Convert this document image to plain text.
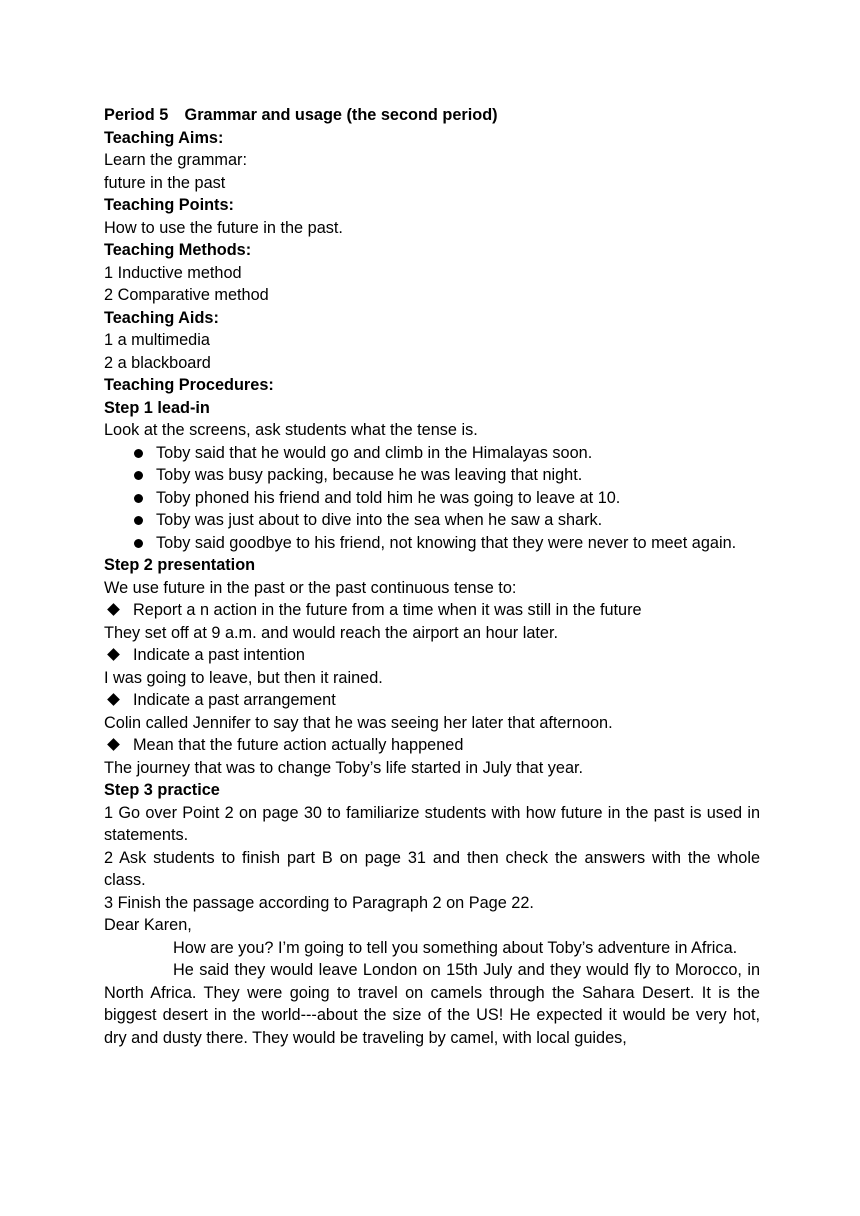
Period 5　Grammar and usage (the second period)
Teaching Aims:
Learn the grammar:
future in the past
Teaching Points:
How to use the future in the past.
Teaching Methods:
1 Inductive method
2 Comparative method
Teaching Aids:
1 a multimedia
2 a blackboard
Teaching Procedures:
Step 1 lead-in
Look at the screens, ask students what the tense is.
Toby said that he would go and climb in the Himalayas soon.
Toby was busy packing, because he was leaving that night.
Toby phoned his friend and told him he was going to leave at 10.
Toby was just about to dive into the sea when he saw a shark.
Toby said goodbye to his friend, not knowing that they were never to meet again.
Step 2 presentation
We use future in the past or the past continuous tense to:
Report a n action in the future from a time when it was still in the future
They set off at 9 a.m. and would reach the airport an hour later.
Indicate a past intention
I was going to leave, but then it rained.
Indicate a past arrangement
Colin called Jennifer to say that he was seeing her later that afternoon.
Mean that the future action actually happened
The journey that was to change Toby’s life started in July that year.
Step 3 practice
1 Go over Point 2 on page 30 to familiarize students with how future in the past is used in statements.
2 Ask students to finish part B on page 31 and then check the answers with the whole class.
3 Finish the passage according to Paragraph 2 on Page 22.
Dear Karen,
How are you? I’m going to tell you something about Toby’s adventure in Africa.
He said they would leave London on 15th July and they would fly to Morocco, in North Africa. They were going to travel on camels through the Sahara Desert. It is the biggest desert in the world---about the size of the US! He expected it would be very hot, dry and dusty there. They would be traveling by camel, with local guides,
